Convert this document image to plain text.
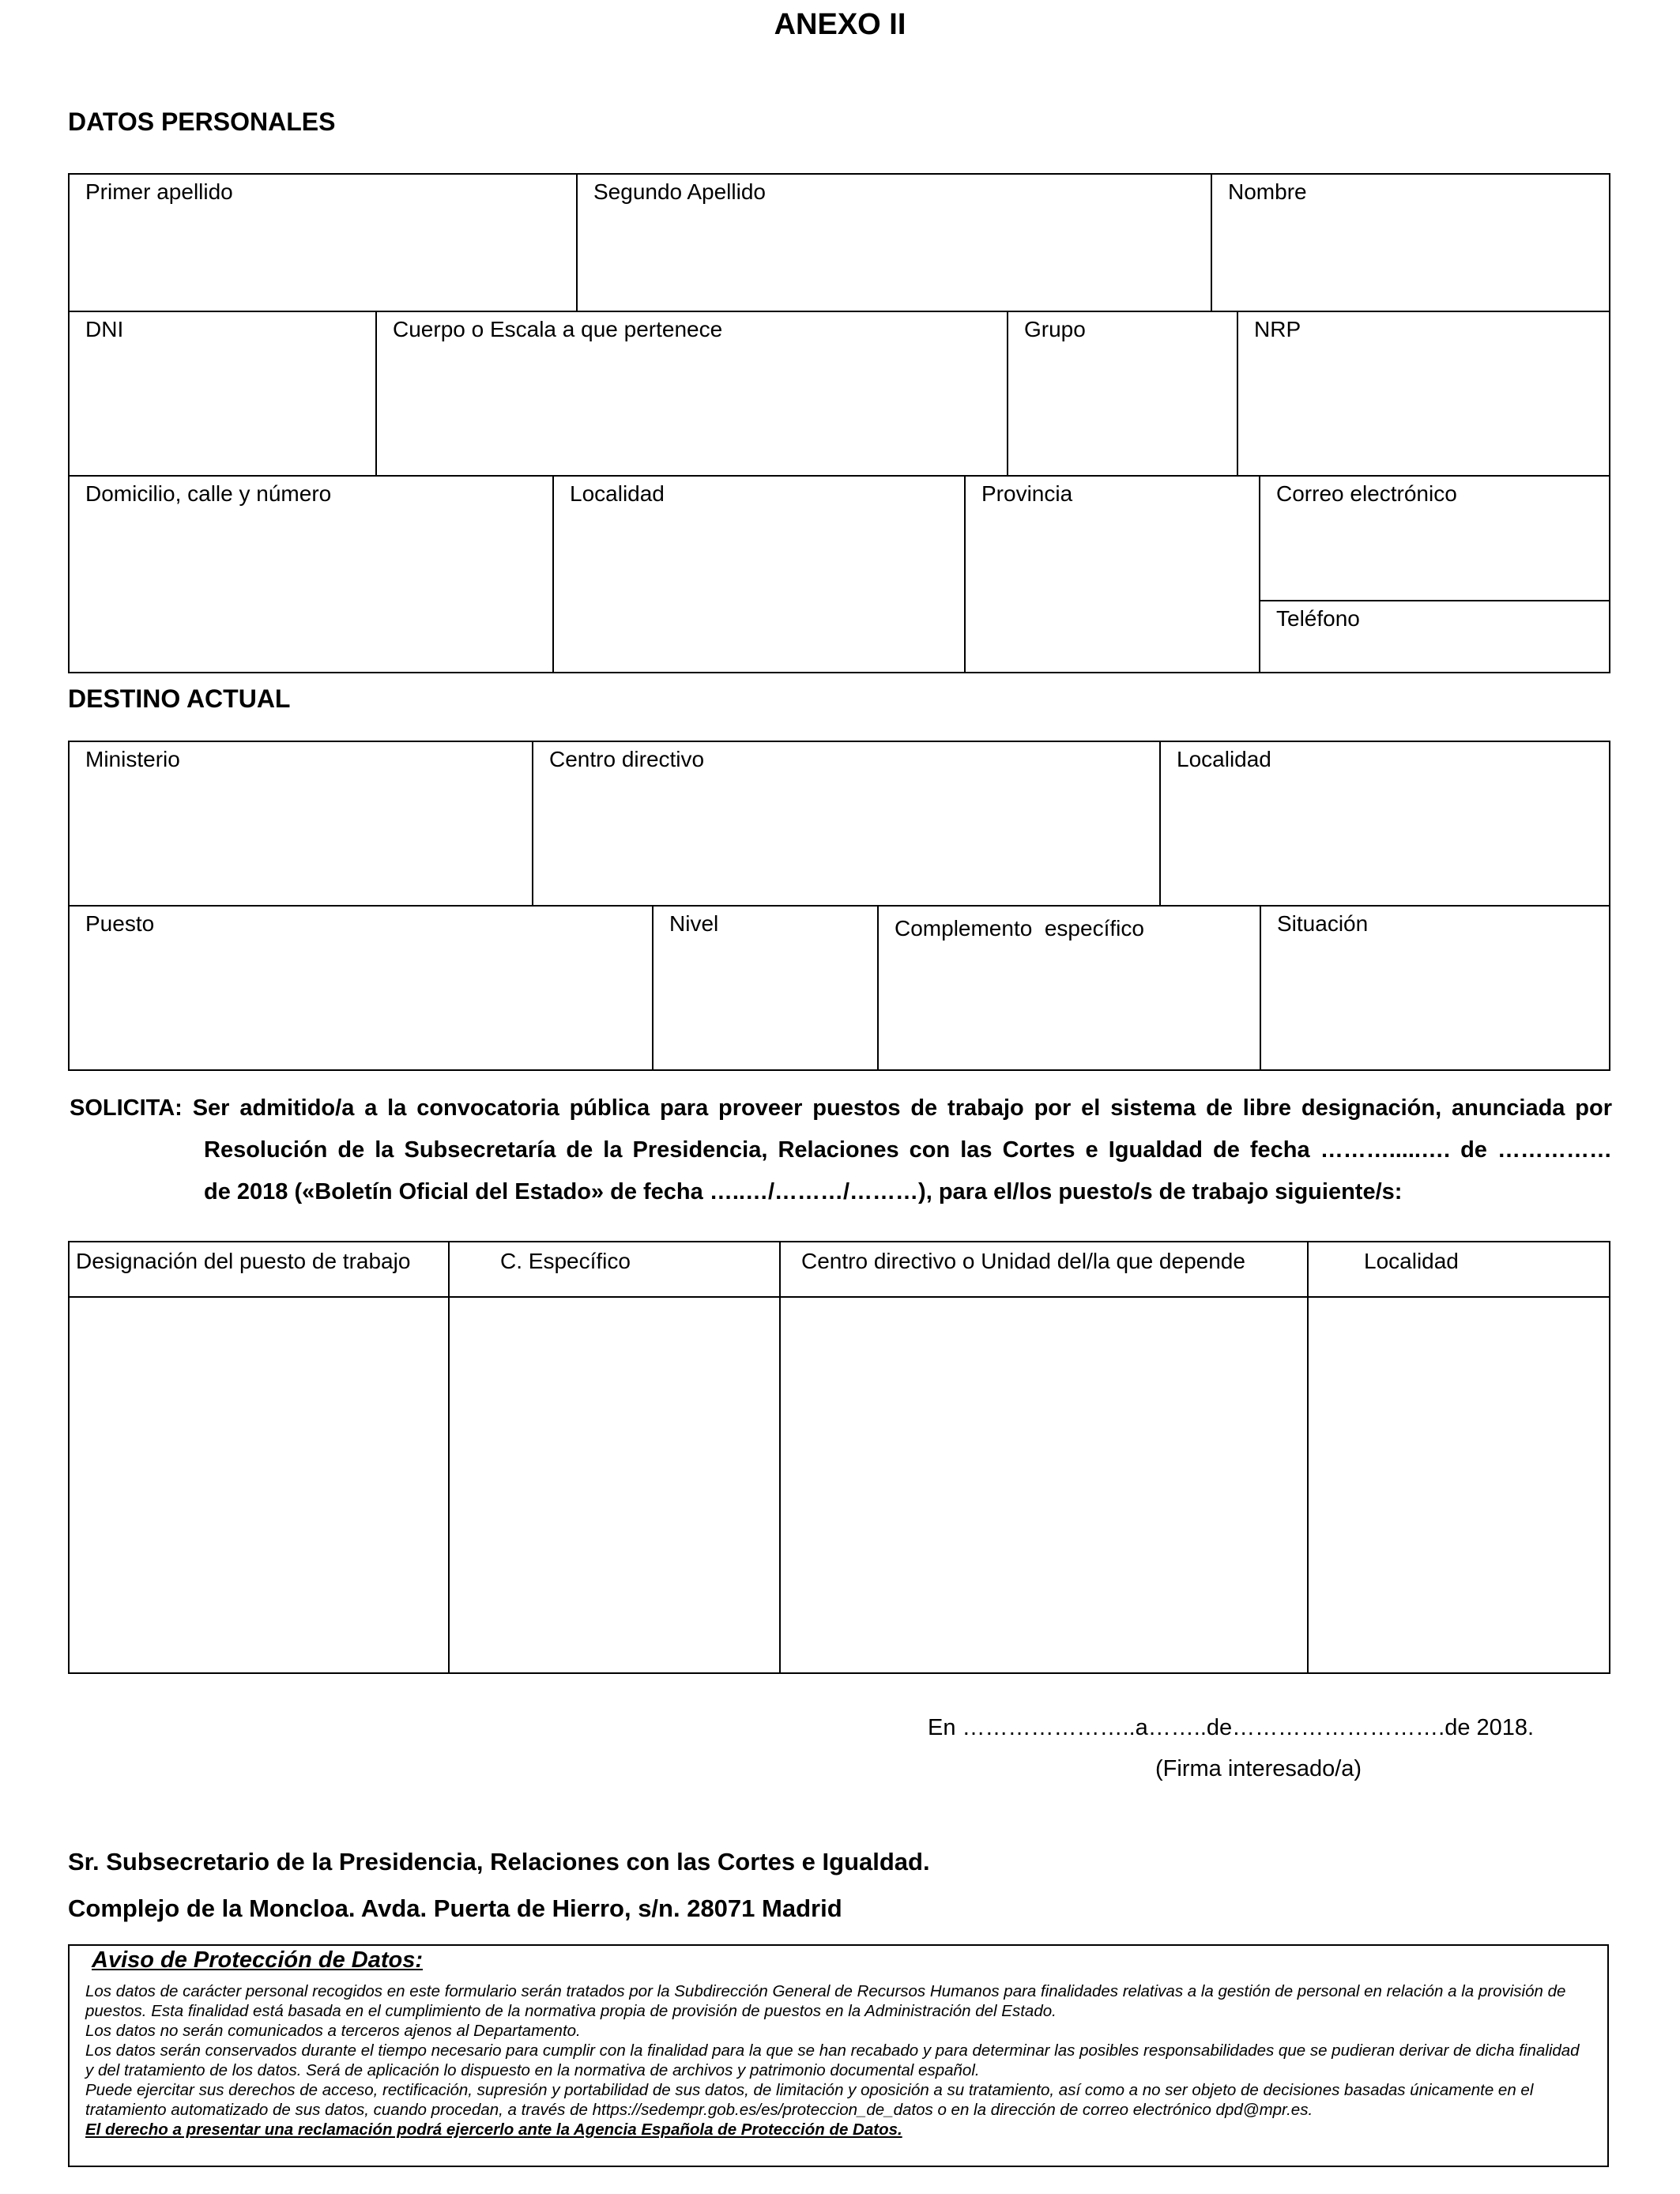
ANEXO II
DATOS PERSONALES
Primer apellido	Segundo Apellido	Nombre
DNI	Cuerpo o Escala a que pertenece	Grupo	NRP
Domicilio, calle y número	Localidad	Provincia	Correo electrónico
Teléfono
DESTINO ACTUAL
Ministerio	Centro directivo	Localidad
Puesto	Nivel	Complemento  específico	Situación
SOLICITA: Ser admitido/a a la convocatoria pública para proveer puestos de trabajo por el sistema de libre designación, anunciada por
Resolución de la Subsecretaría de la Presidencia, Relaciones con las Cortes e Igualdad de fecha ……….....…. de ……………
de 2018 («Boletín Oficial del Estado» de fecha …..…/………/………), para el/los puesto/s de trabajo siguiente/s:
Designación del puesto de trabajo	C. Específico	Centro directivo o Unidad del/la que depende	Localidad

En …………………..a……..de……………………….de 2018.
(Firma interesado/a)
Sr. Subsecretario de la Presidencia, Relaciones con las Cortes e Igualdad.
Complejo de la Moncloa. Avda. Puerta de Hierro, s/n. 28071 Madrid
Aviso de Protección de Datos:

Los datos de carácter personal recogidos en este formulario serán tratados por la Subdirección General de Recursos Humanos para finalidades relativas a la gestión de personal en relación a la provisión de puestos. Esta finalidad está basada en el cumplimiento de la normativa propia de provisión de puestos en la Administración del Estado.

Los datos no serán comunicados a terceros ajenos al Departamento.

Los datos serán conservados durante el tiempo necesario para cumplir con la finalidad para la que se han recabado y para determinar las posibles responsabilidades que se pudieran derivar de dicha finalidad y del tratamiento de los datos. Será de aplicación lo dispuesto en la normativa de archivos y patrimonio documental español.

Puede ejercitar sus derechos de acceso, rectificación, supresión y portabilidad de sus datos, de limitación y oposición a su tratamiento, así como a no ser objeto de decisiones basadas únicamente en el tratamiento automatizado de sus datos, cuando procedan, a través de https://sedempr.gob.es/es/proteccion_de_datos o en la dirección de correo electrónico dpd@mpr.es.

El derecho a presentar una reclamación podrá ejercerlo ante la Agencia Española de Protección de Datos.
